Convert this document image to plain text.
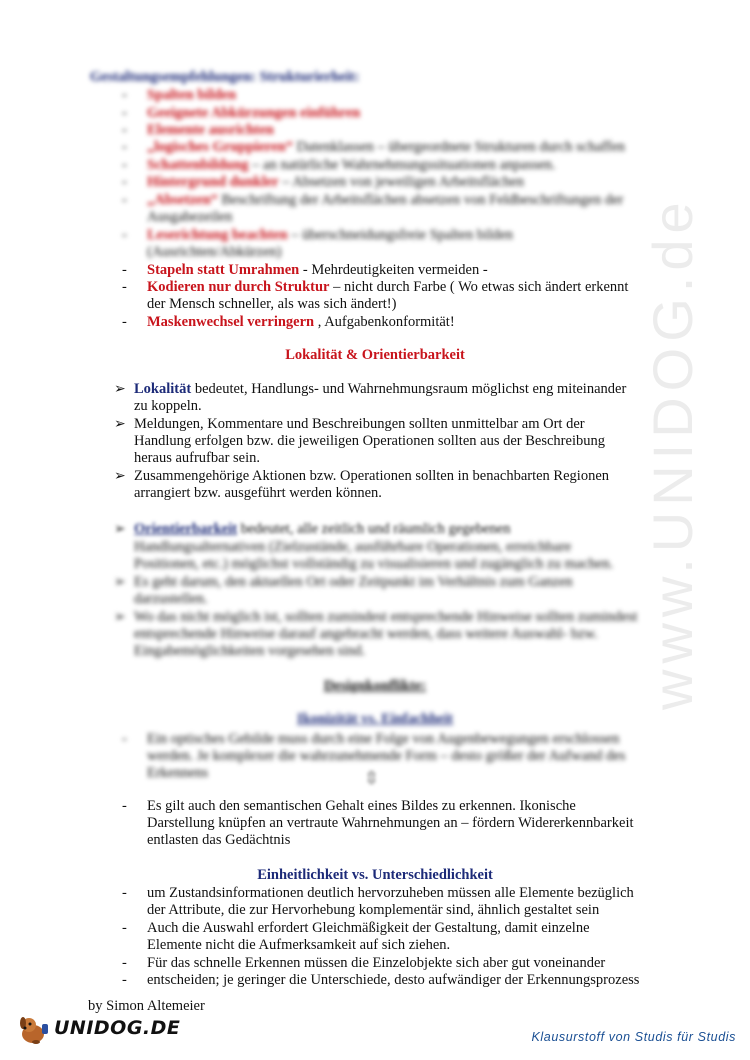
www.UNIDOG.de
Gestaltungsempfehlungen: Strukturierheit:
- Spalten bilden
- Geeignete Abkürzungen einführen
- Elemente ausrichten
- „logisches Gruppieren“ Datenklassen – übergeordnete Strukturen durch schaffen
- Schattenbildung – an natürliche Wahrnehmungssituationen anpassen.
- Hintergrund dunkler – Absetzen von jeweiligen Arbeitsflächen
- „Absetzen“ Beschriftung der Arbeitsflächen absetzen von Feldbeschriftungen der
Ausgabezeilen
- Leserichtung beachten – überschneidungsfreie Spalten bilden
(Ausrichten/Abkürzen)
- Stapeln statt Umrahmen - Mehrdeutigkeiten vermeiden -
- Kodieren nur durch Struktur – nicht durch Farbe ( Wo etwas sich ändert erkennt
der Mensch schneller, als was sich ändert!)
- Maskenwechsel verringern , Aufgabenkonformität!
Lokalität & Orientierbarkeit
➢ Lokalität bedeutet, Handlungs- und Wahrnehmungsraum möglichst eng miteinander
zu koppeln.
➢ Meldungen, Kommentare und Beschreibungen sollten unmittelbar am Ort der
Handlung erfolgen bzw. die jeweiligen Operationen sollten aus der Beschreibung
heraus aufrufbar sein.
➢ Zusammengehörige Aktionen bzw. Operationen sollten in benachbarten Regionen
arrangiert bzw. ausgeführt werden können.
➢ Orientierbarkeit bedeutet, alle zeitlich und räumlich gegebenen
Handlungsalternativen (Zielzustände, ausführbare Operationen, erreichbare
Positionen, etc.) möglichst vollständig zu visualisieren und zugänglich zu machen.
➢ Es geht darum, den aktuellen Ort oder Zeitpunkt im Verhältnis zum Ganzen
darzustellen.
➢ Wo das nicht möglich ist, sollten zumindest entsprechende Hinweise sollten zumindest
entsprechende Hinweise darauf angebracht werden, dass weitere Auswahl- bzw.
Eingabemöglichkeiten vorgesehen sind.
Designkonflikte:
Ikonizität vs. Einfachheit
- Ein optisches Gebilde muss durch eine Folge von Augenbewegungen erschlossen
werden. Je komplexer die wahrzunehmende Form – desto größer der Aufwand des
Erkennens	⇳
- Es gilt auch den semantischen Gehalt eines Bildes zu erkennen. Ikonische
Darstellung knüpfen an vertraute Wahrnehmungen an – fördern Widererkennbarkeit
entlasten das Gedächtnis
Einheitlichkeit vs. Unterschiedlichkeit
- um Zustandsinformationen deutlich hervorzuheben müssen alle Elemente bezüglich
der Attribute, die zur Hervorhebung komplementär sind, ähnlich gestaltet sein
- Auch die Auswahl erfordert Gleichmäßigkeit der Gestaltung, damit einzelne
Elemente nicht die Aufmerksamkeit auf sich ziehen.
- Für das schnelle Erkennen müssen die Einzelobjekte sich aber gut voneinander
- entscheiden; je geringer die Unterschiede, desto aufwändiger der Erkennungsprozess
by Simon Altemeier
UNIDOG.DE	Klausurstoff von Studis für Studis
